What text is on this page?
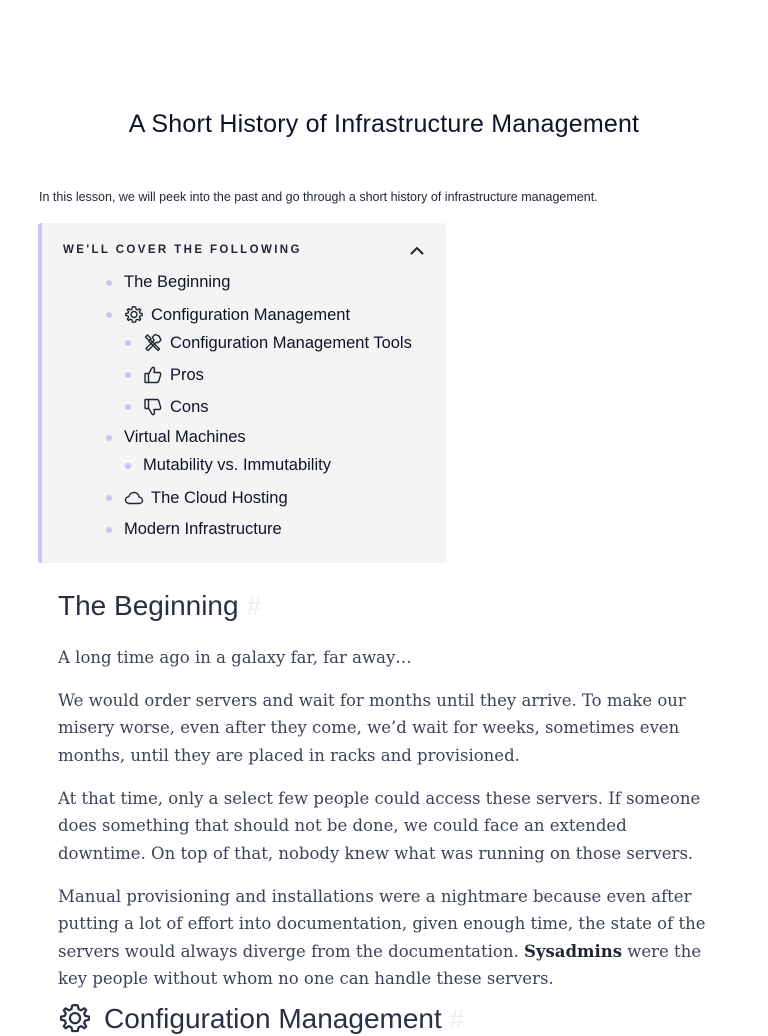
A Short History of Infrastructure Management

In this lesson, we will peek into the past and go through a short history of infrastructure management.

WE'LL COVER THE FOLLOWING
The Beginning
Configuration Management
Configuration Management Tools
Pros
Cons
Virtual Machines
Mutability vs. Immutability
The Cloud Hosting
Modern Infrastructure
The Beginning #

A long time ago in a galaxy far, far away…

We would order servers and wait for months until they arrive. To make our misery worse, even after they come, we’d wait for weeks, sometimes even months, until they are placed in racks and provisioned.

At that time, only a select few people could access these servers. If someone does something that should not be done, we could face an extended downtime. On top of that, nobody knew what was running on those servers.

Manual provisioning and installations were a nightmare because even after putting a lot of effort into documentation, given enough time, the state of the servers would always diverge from the documentation. Sysadmins were the key people without whom no one can handle these servers.

Configuration Management #
